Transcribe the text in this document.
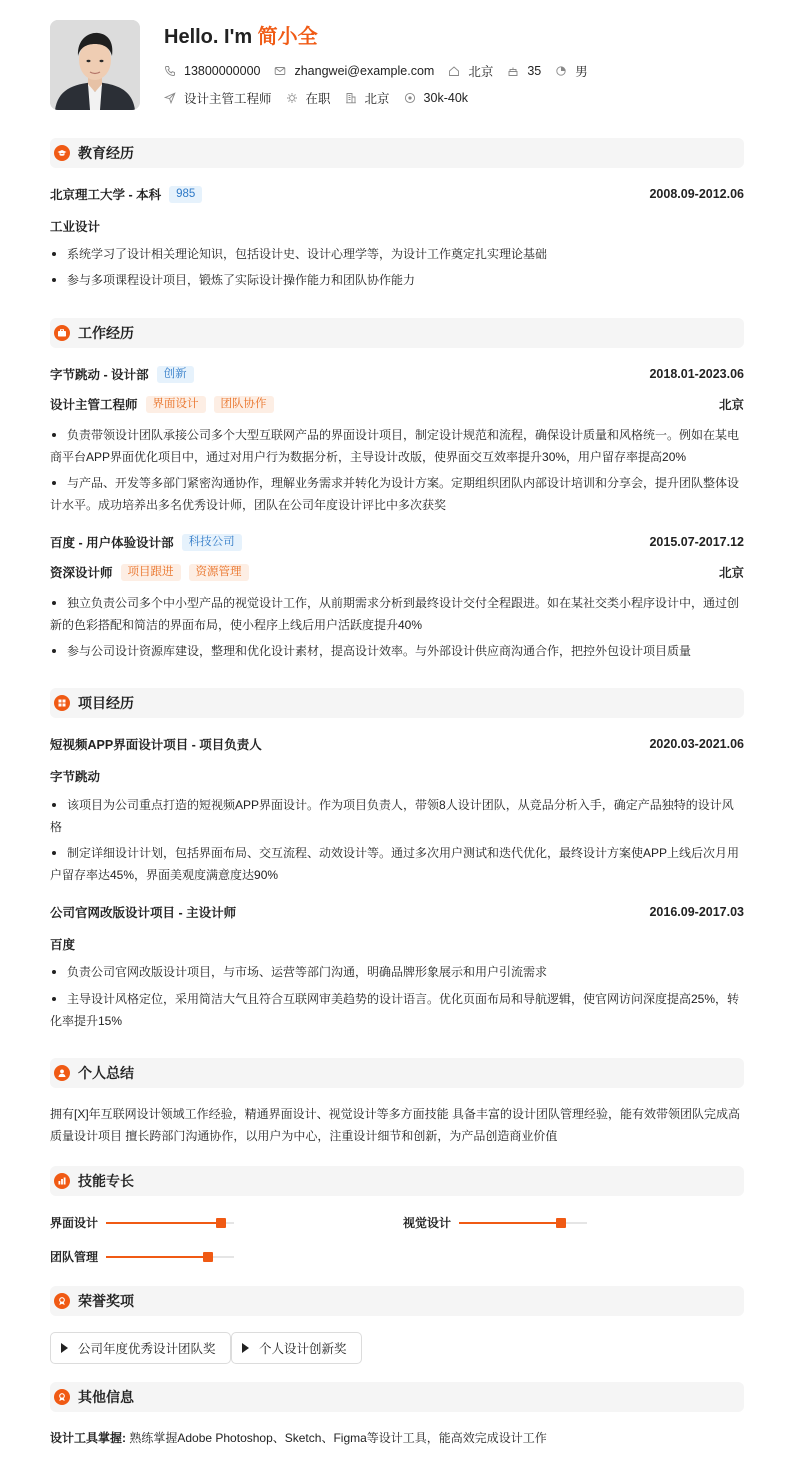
Hello. I'm 简小全
13800000000	zhangwei@example.com	北京	35	男
设计主管工程师	在职	北京	30k-40k
教育经历
北京理工大学 - 本科	985	2008.09-2012.06
工业设计
系统学习了设计相关理论知识，包括设计史、设计心理学等，为设计工作奠定扎实理论基础
参与多项课程设计项目，锻炼了实际设计操作能力和团队协作能力
工作经历
字节跳动 - 设计部	创新	2018.01-2023.06
设计主管工程师	界面设计	团队协作	北京
负责带领设计团队承接公司多个大型互联网产品的界面设计项目，制定设计规范和流程，确保设计质量和风格统一。例如在某电
商平台APP界面优化项目中，通过对用户行为数据分析，主导设计改版，使界面交互效率提升30%，用户留存率提高20%
与产品、开发等多部门紧密沟通协作，理解业务需求并转化为设计方案。定期组织团队内部设计培训和分享会，提升团队整体设
计水平。成功培养出多名优秀设计师，团队在公司年度设计评比中多次获奖
百度 - 用户体验设计部	科技公司	2015.07-2017.12
资深设计师	项目跟进	资源管理	北京
独立负责公司多个中小型产品的视觉设计工作，从前期需求分析到最终设计交付全程跟进。如在某社交类小程序设计中，通过创
新的色彩搭配和简洁的界面布局，使小程序上线后用户活跃度提升40%
参与公司设计资源库建设，整理和优化设计素材，提高设计效率。与外部设计供应商沟通合作，把控外包设计项目质量
项目经历
短视频APP界面设计项目 - 项目负责人	2020.03-2021.06
字节跳动
该项目为公司重点打造的短视频APP界面设计。作为项目负责人，带领8人设计团队，从竞品分析入手，确定产品独特的设计风
格
制定详细设计计划，包括界面布局、交互流程、动效设计等。通过多次用户测试和迭代优化，最终设计方案使APP上线后次月用
户留存率达45%，界面美观度满意度达90%
公司官网改版设计项目 - 主设计师	2016.09-2017.03
百度
负责公司官网改版设计项目，与市场、运营等部门沟通，明确品牌形象展示和用户引流需求
主导设计风格定位，采用简洁大气且符合互联网审美趋势的设计语言。优化页面布局和导航逻辑，使官网访问深度提高25%，转
化率提升15%
个人总结
拥有[X]年互联网设计领域工作经验，精通界面设计、视觉设计等多方面技能 具备丰富的设计团队管理经验，能有效带领团队完成高
质量设计项目 擅长跨部门沟通协作，以用户为中心，注重设计细节和创新，为产品创造商业价值
技能专长
界面设计	视觉设计
团队管理
荣誉奖项
公司年度优秀设计团队奖	个人设计创新奖
其他信息
设计工具掌握: 熟练掌握Adobe Photoshop、Sketch、Figma等设计工具，能高效完成设计工作
